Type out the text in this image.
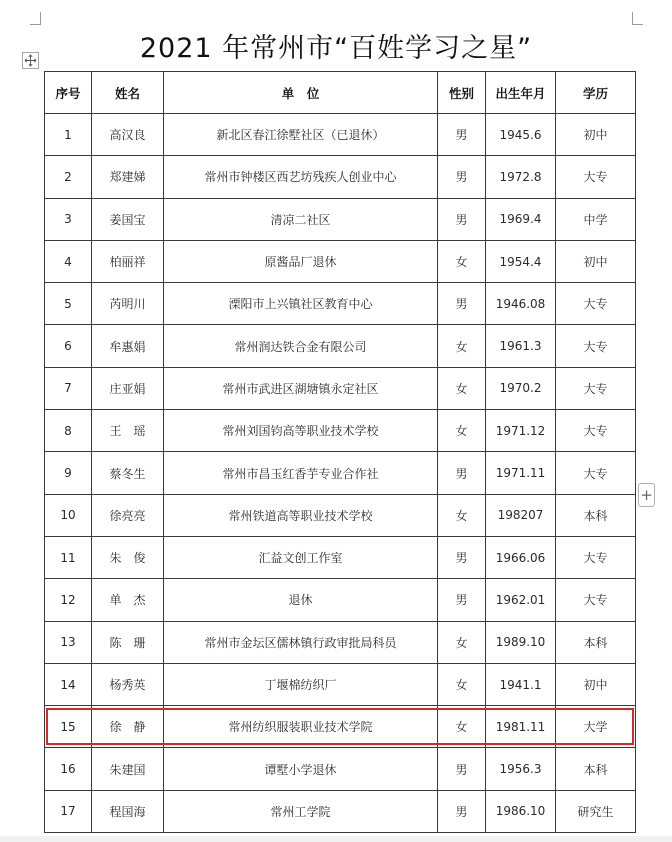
2021 年常州市“百姓学习之星”
序号	姓名	单　位	性别	出生年月	学历
1	高汉良	新北区春江徐墅社区（已退休）	男	1945.6	初中
2	郑建娣	常州市钟楼区西艺坊残疾人创业中心	男	1972.8	大专
3	姜国宝	清凉二社区	男	1969.4	中学
4	柏丽祥	原酱品厂退休	女	1954.4	初中
5	芮明川	溧阳市上兴镇社区教育中心	男	1946.08	大专
6	牟惠娟	常州润达铁合金有限公司	女	1961.3	大专
7	庄亚娟	常州市武进区湖塘镇永定社区	女	1970.2	大专
8	王　瑶	常州刘国钧高等职业技术学校	女	1971.12	大专
9	蔡冬生	常州市昌玉红香芋专业合作社	男	1971.11	大专
10	徐亮亮	常州铁道高等职业技术学校	女	198207	本科
11	朱　俊	汇益文创工作室	男	1966.06	大专
12	单　杰	退休	男	1962.01	大专
13	陈　珊	常州市金坛区儒林镇行政审批局科员	女	1989.10	本科
14	杨秀英	丁堰棉纺织厂	女	1941.1	初中
15	徐　静	常州纺织服装职业技术学院	女	1981.11	大学
16	朱建国	谭墅小学退休	男	1956.3	本科
17	程国海	常州工学院	男	1986.10	研究生
+
